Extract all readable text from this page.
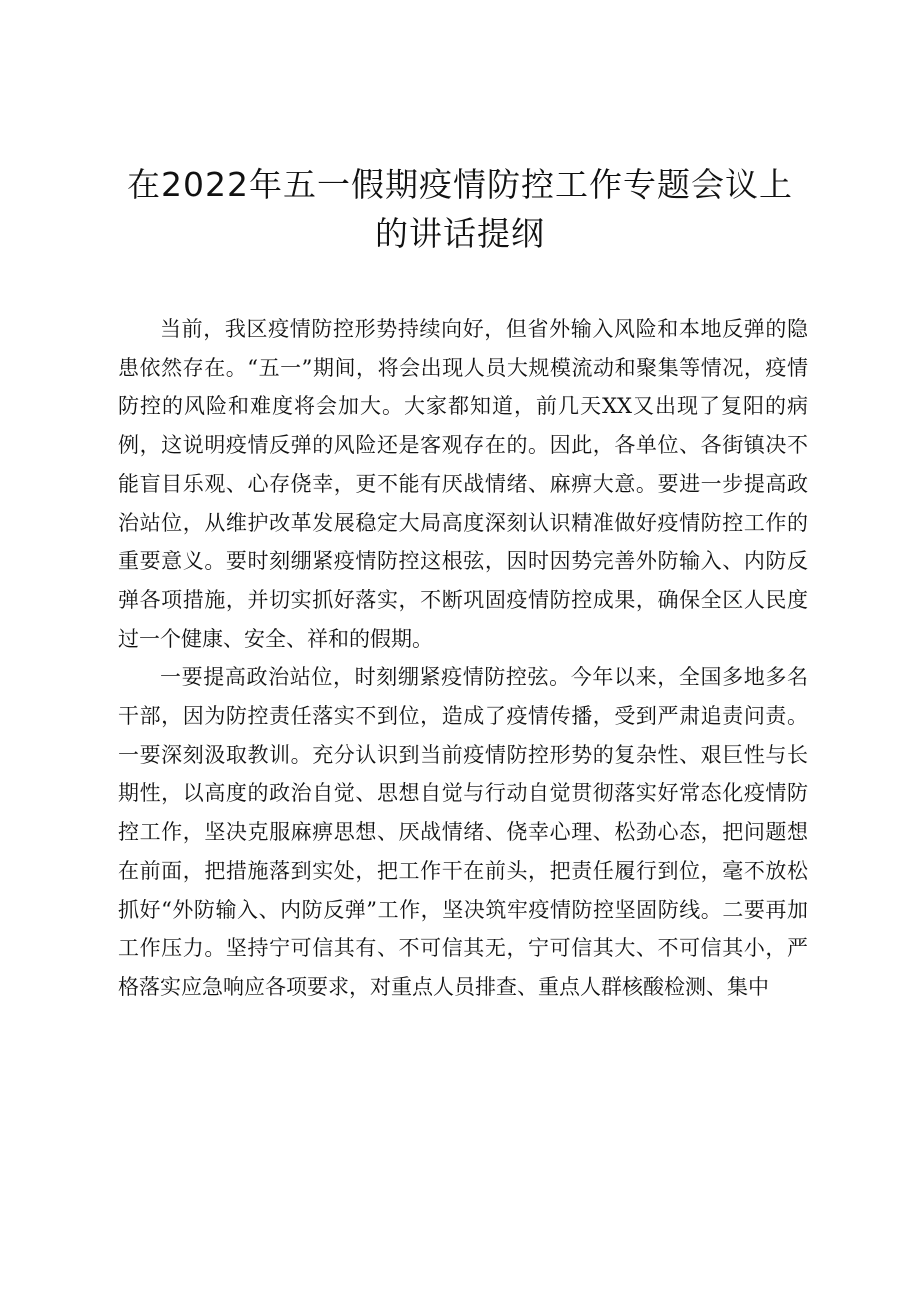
在2022年五一假期疫情防控工作专题会议上
的讲话提纲

当前，我区疫情防控形势持续向好，但省外输入风险和本地反弹的隐患依然存在。“五一”期间，将会出现人员大规模流动和聚集等情况，疫情防控的风险和难度将会加大。大家都知道，前几天XX又出现了复阳的病例，这说明疫情反弹的风险还是客观存在的。因此，各单位、各街镇决不能盲目乐观、心存侥幸，更不能有厌战情绪、麻痹大意。要进一步提高政治站位，从维护改革发展稳定大局高度深刻认识精准做好疫情防控工作的重要意义。要时刻绷紧疫情防控这根弦，因时因势完善外防输入、内防反弹各项措施，并切实抓好落实，不断巩固疫情防控成果，确保全区人民度过一个健康、安全、祥和的假期。

一要提高政治站位，时刻绷紧疫情防控弦。今年以来，全国多地多名干部，因为防控责任落实不到位，造成了疫情传播，受到严肃追责问责。一要深刻汲取教训。充分认识到当前疫情防控形势的复杂性、艰巨性与长期性，以高度的政治自觉、思想自觉与行动自觉贯彻落实好常态化疫情防控工作，坚决克服麻痹思想、厌战情绪、侥幸心理、松劲心态，把问题想在前面，把措施落到实处，把工作干在前头，把责任履行到位，毫不放松抓好“外防输入、内防反弹”工作，坚决筑牢疫情防控坚固防线。二要再加工作压力。坚持宁可信其有、不可信其无，宁可信其大、不可信其小，严格落实应急响应各项要求，对重点人员排查、重点人群核酸检测、集中
